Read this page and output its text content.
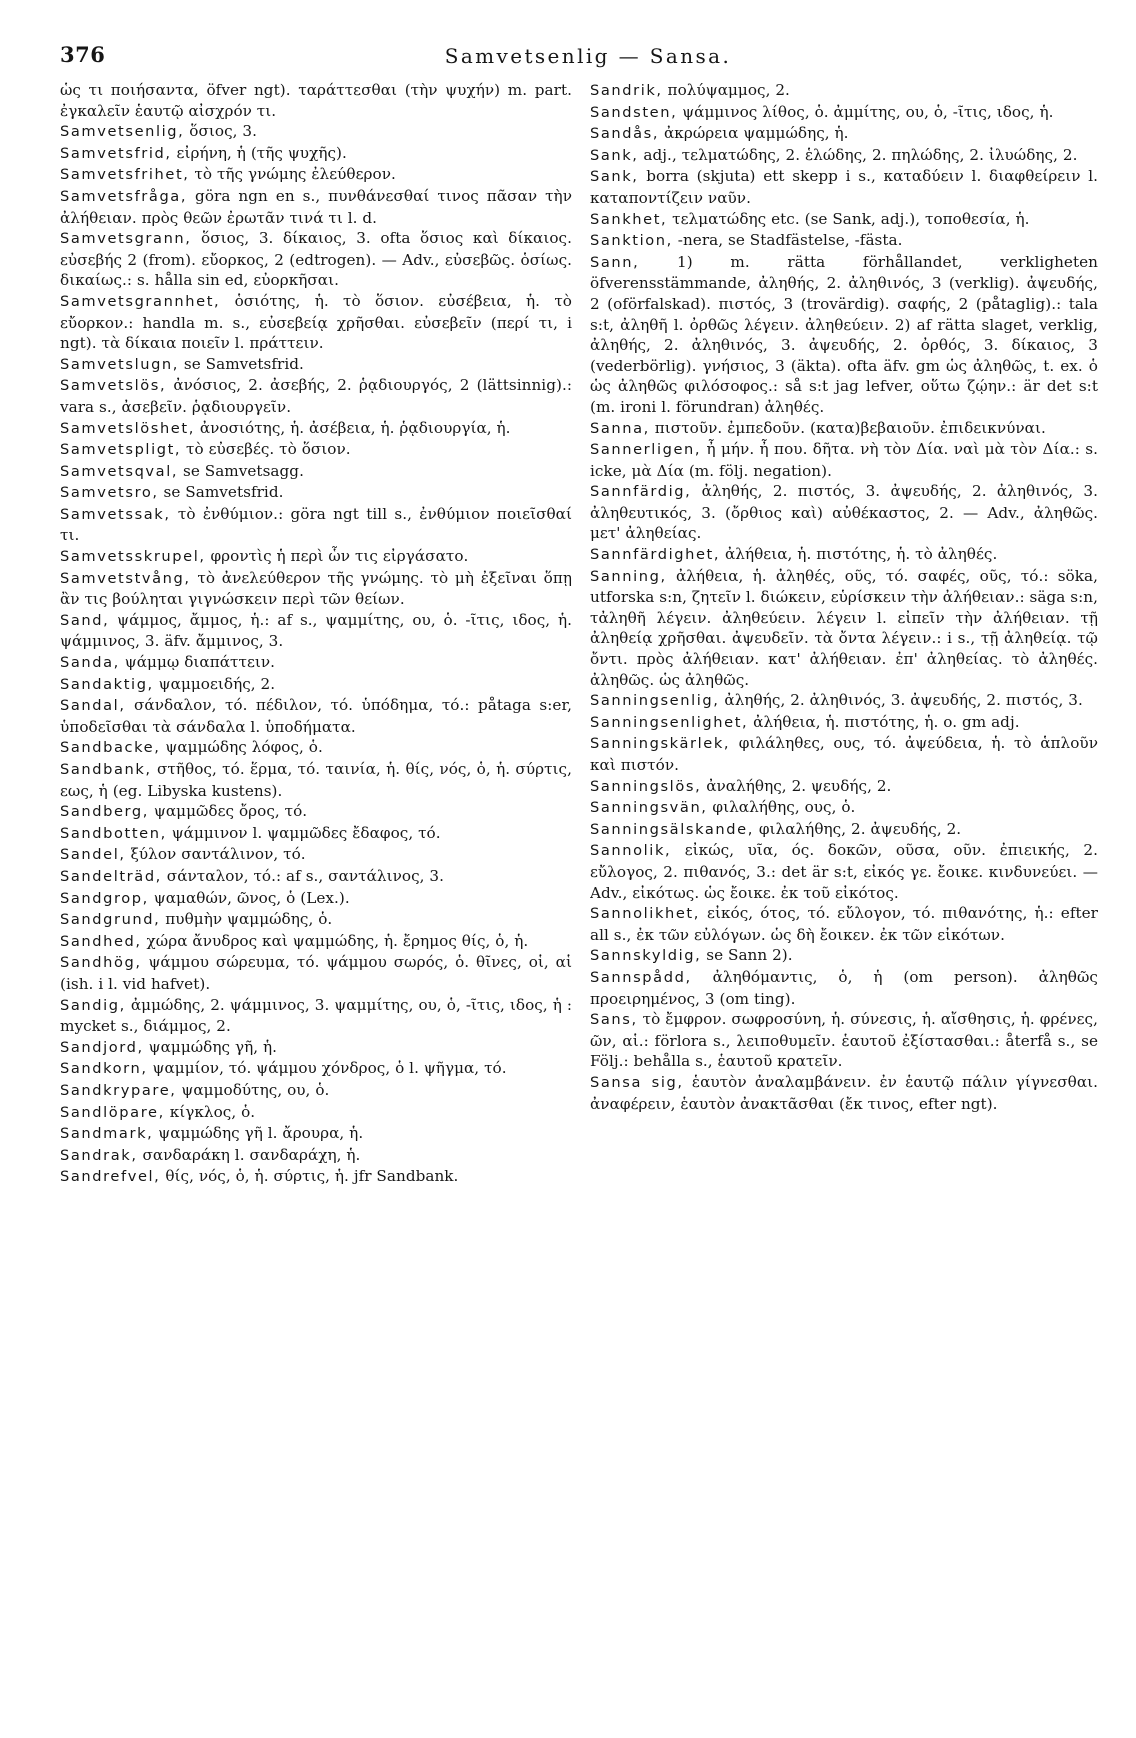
376	Samvetsenlig — Sansa.

ὡς τι ποιήσαντα, öfver ngt). ταράττεσθαι (τὴν ψυχήν) m. part. ἐγκαλεῖν ἑαυτῷ αἰσχρόν τι.

Samvetsenlig, ὅσιος, 3.

Samvetsfrid, εἰρήνη, ἡ (τῆς ψυχῆς).

Samvetsfrihet, τὸ τῆς γνώμης ἐλεύθερον.

Samvetsfråga, göra ngn en s., πυνθάνεσθαί τινος πᾶσαν τὴν ἀλήθειαν. πρὸς θεῶν ἐρωτᾶν τινά τι l. d.

Samvetsgrann, ὅσιος, 3. δίκαιος, 3. ofta ὅσιος καὶ δίκαιος. εὐσεβής 2 (from). εὔορκος, 2 (edtrogen). — Adv., εὐσεβῶς. ὁσίως. δικαίως.: s. hålla sin ed, εὐορκῆσαι.

Samvetsgrannhet, ὁσιότης, ἡ. τὸ ὅσιον. εὐσέβεια, ἡ. τὸ εὔορκον.: handla m. s., εὐσεβείᾳ χρῆσθαι. εὐσεβεῖν (περί τι, i ngt). τὰ δίκαια ποιεῖν l. πράττειν.

Samvetslugn, se Samvetsfrid.

Samvetslös, ἀνόσιος, 2. ἀσεβής, 2. ῥᾳδιουργός, 2 (lättsinnig).: vara s., ἀσεβεῖν. ῥᾳδιουργεῖν.

Samvetslöshet, ἀνοσιότης, ἡ. ἀσέβεια, ἡ. ῥᾳδιουργία, ἡ.

Samvetspligt, τὸ εὐσεβές. τὸ ὅσιον.

Samvetsqval, se Samvetsagg.

Samvetsro, se Samvetsfrid.

Samvetssak, τὸ ἐνθύμιον.: göra ngt till s., ἐνθύμιον ποιεῖσθαί τι.

Samvetsskrupel, φροντὶς ἡ περὶ ὧν τις εἰργάσατο.

Samvetstvång, τὸ ἀνελεύθερον τῆς γνώμης. τὸ μὴ ἐξεῖναι ὅπῃ ἂν τις βούληται γιγνώσκειν περὶ τῶν θείων.

Sand, ψάμμος, ἄμμος, ἡ.: af s., ψαμμίτης, ου, ὁ. -ῖτις, ιδος, ἡ. ψάμμινος, 3. äfv. ἄμμινος, 3.

Sanda, ψάμμῳ διαπάττειν.

Sandaktig, ψαμμοειδής, 2.

Sandal, σάνδαλον, τό. πέδιλον, τό. ὑπόδημα, τό.: påtaga s:er, ὑποδεῖσθαι τὰ σάνδαλα l. ὑποδήματα.

Sandbacke, ψαμμώδης λόφος, ὁ.

Sandbank, στῆθος, τό. ἕρμα, τό. ταινία, ἡ. θίς, νός, ὁ, ἡ. σύρτις, εως, ἡ (eg. Libyska kustens).

Sandberg, ψαμμῶδες ὄρος, τό.

Sandbotten, ψάμμινον l. ψαμμῶδες ἔδαφος, τό.

Sandel, ξύλον σαντάλινον, τό.

Sandelträd, σάνταλον, τό.: af s., σαντάλινος, 3.

Sandgrop, ψαμαθών, ῶνος, ὁ (Lex.).

Sandgrund, πυθμὴν ψαμμώδης, ὁ.

Sandhed, χώρα ἄνυδρος καὶ ψαμμώδης, ἡ. ἔρημος θίς, ὁ, ἡ.

Sandhög, ψάμμου σώρευμα, τό. ψάμμου σωρός, ὁ. θῖνες, οἱ, αἱ (ish. i l. vid hafvet).

Sandig, ἀμμώδης, 2. ψάμμινος, 3. ψαμμίτης, ου, ὁ, -ῖτις, ιδος, ἡ : mycket s., διάμμος, 2.

Sandjord, ψαμμώδης γῆ, ἡ.

Sandkorn, ψαμμίον, τό. ψάμμου χόνδρος, ὁ l. ψῆγμα, τό.

Sandkrypare, ψαμμοδύτης, ου, ὁ.

Sandlöpare, κίγκλος, ὁ.

Sandmark, ψαμμώδης γῆ l. ἄρουρα, ἡ.

Sandrak, σανδαράκη l. σανδαράχη, ἡ.

Sandrefvel, θίς, νός, ὁ, ἡ. σύρτις, ἡ. jfr Sandbank.

Sandrik, πολύψαμμος, 2.

Sandsten, ψάμμινος λίθος, ὁ. ἀμμίτης, ου, ὁ, -ῖτις, ιδος, ἡ.

Sandås, ἀκρώρεια ψαμμώδης, ἡ.

Sank, adj., τελματώδης, 2. ἑλώδης, 2. πηλώδης, 2. ἰλυώδης, 2.

Sank, borra (skjuta) ett skepp i s., καταδύειν l. διαφθείρειν l. καταποντίζειν ναῦν.

Sankhet, τελματώδης etc. (se Sank, adj.), τοποθεσία, ἡ.

Sanktion, -nera, se Stadfästelse, -fästa.

Sann, 1) m. rätta förhållandet, verkligheten öfverensstämmande, ἀληθής, 2. ἀληθινός, 3 (verklig). ἀψευδής, 2 (oförfalskad). πιστός, 3 (trovärdig). σαφής, 2 (påtaglig).: tala s:t, ἀληθῆ l. ὀρθῶς λέγειν. ἀληθεύειν. 2) af rätta slaget, verklig, ἀληθής, 2. ἀληθινός, 3. ἀψευδής, 2. ὀρθός, 3. δίκαιος, 3 (vederbörlig). γνήσιος, 3 (äkta). ofta äfv. gm ὡς ἀληθῶς, t. ex. ὁ ὡς ἀληθῶς φιλόσοφος.: så s:t jag lefver, οὕτω ζῴην.: är det s:t (m. ironi l. förundran) ἀληθές.

Sanna, πιστοῦν. ἐμπεδοῦν. (κατα)βεβαιοῦν. ἐπιδεικνύναι.

Sannerligen, ἦ μήν. ἦ που. δῆτα. νὴ τὸν Δία. ναὶ μὰ τὸν Δία.: s. icke, μὰ Δία (m. följ. negation).

Sannfärdig, ἀληθής, 2. πιστός, 3. ἀψευδής, 2. ἀληθινός, 3. ἀληθευτικός, 3. (ὄρθιος καὶ) αὐθέκαστος, 2. — Adv., ἀληθῶς. μετ' ἀληθείας.

Sannfärdighet, ἀλήθεια, ἡ. πιστότης, ἡ. τὸ ἀληθές.

Sanning, ἀλήθεια, ἡ. ἀληθές, οῦς, τό. σαφές, οῦς, τό.: söka, utforska s:n, ζητεῖν l. διώκειν, εὑρίσκειν τὴν ἀλήθειαν.: säga s:n, τἀληθῆ λέγειν. ἀληθεύειν. λέγειν l. εἰπεῖν τὴν ἀλήθειαν. τῇ ἀληθείᾳ χρῆσθαι. ἀψευδεῖν. τὰ ὄντα λέγειν.: i s., τῇ ἀληθείᾳ. τῷ ὄντι. πρὸς ἀλήθειαν. κατ' ἀλήθειαν. ἐπ' ἀληθείας. τὸ ἀληθές. ἀληθῶς. ὡς ἀληθῶς.

Sanningsenlig, ἀληθής, 2. ἀληθινός, 3. ἀψευδής, 2. πιστός, 3.

Sanningsenlighet, ἀλήθεια, ἡ. πιστότης, ἡ. o. gm adj.

Sanningskärlek, φιλάληθες, ους, τό. ἀψεύδεια, ἡ. τὸ ἁπλοῦν καὶ πιστόν.

Sanningslös, ἀναλήθης, 2. ψευδής, 2.

Sanningsvän, φιλαλήθης, ους, ὁ.

Sanningsälskande, φιλαλήθης, 2. ἀψευδής, 2.

Sannolik, εἰκώς, υῖα, ός. δοκῶν, οῦσα, οῦν. ἐπιεικής, 2. εὔλογος, 2. πιθανός, 3.: det är s:t, εἰκός γε. ἔοικε. κινδυνεύει. — Adv., εἰκότως. ὡς ἔοικε. ἐκ τοῦ εἰκότος.

Sannolikhet, εἰκός, ότος, τό. εὔλογον, τό. πιθανότης, ἡ.: efter all s., ἐκ τῶν εὐλόγων. ὡς δὴ ἔοικεν. ἐκ τῶν εἰκότων.

Sannskyldig, se Sann 2).

Sannspådd, ἀληθόμαντις, ὁ, ἡ (om person). ἀληθῶς προειρημένος, 3 (om ting).

Sans, τὸ ἔμφρον. σωφροσύνη, ἡ. σύνεσις, ἡ. αἴσθησις, ἡ. φρένες, ῶν, αἱ.: förlora s., λειποθυμεῖν. ἑαυτοῦ ἐξίστασθαι.: återfå s., se Följ.: behålla s., ἑαυτοῦ κρατεῖν.

Sansa sig, ἑαυτὸν ἀναλαμβάνειν. ἐν ἑαυτῷ πάλιν γίγνεσθαι. ἀναφέρειν, ἑαυτὸν ἀνακτᾶσθαι (ἔκ τινος, efter ngt).
